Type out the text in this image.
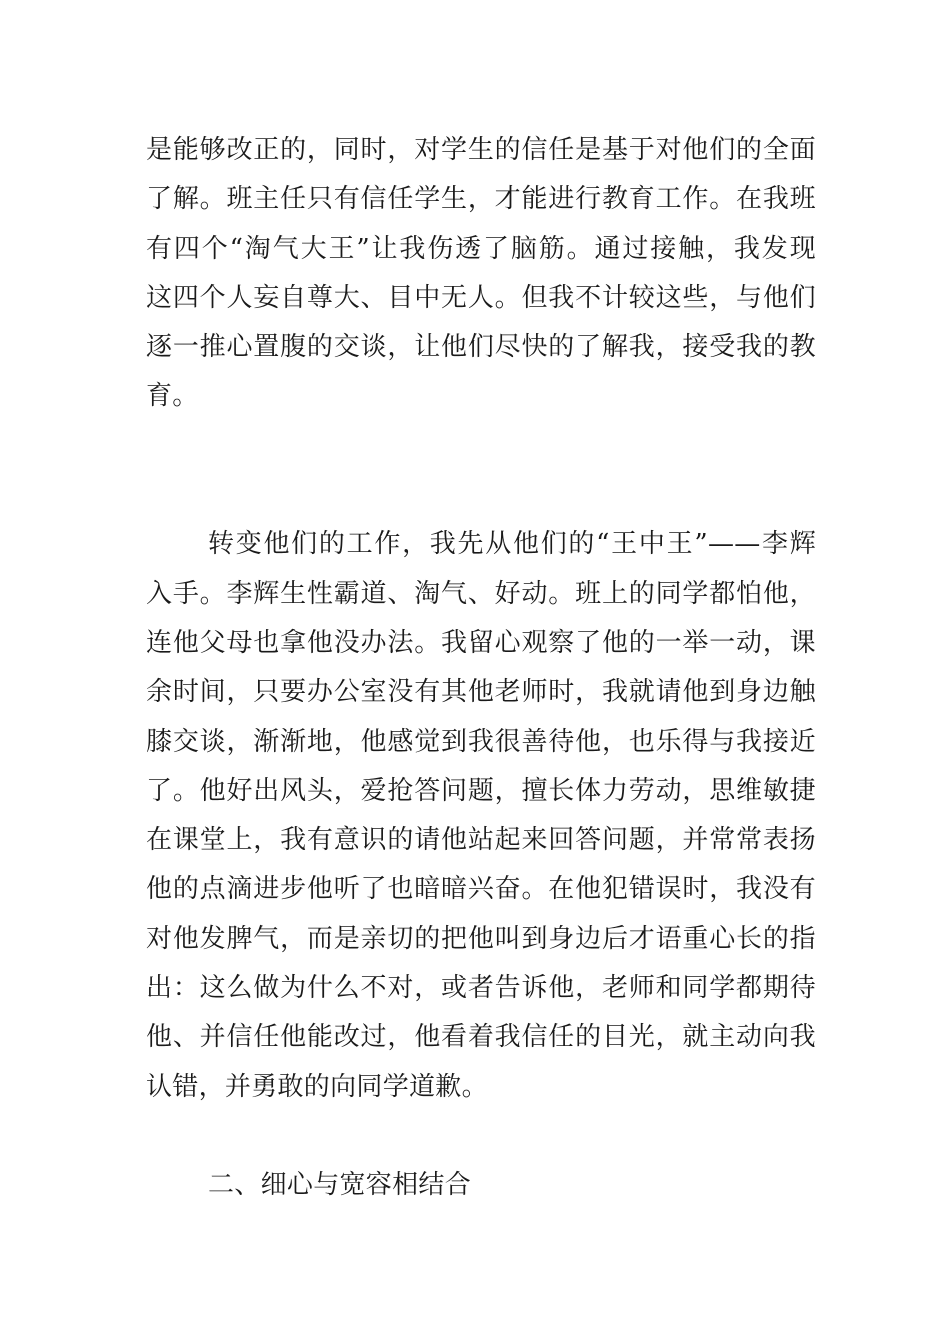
是能够改正的，同时，对学生的信任是基于对他们的全面
了解。班主任只有信任学生，才能进行教育工作。在我班
有四个“淘气大王”让我伤透了脑筋。通过接触，我发现
这四个人妄自尊大、目中无人。但我不计较这些，与他们
逐一推心置腹的交谈，让他们尽快的了解我，接受我的教
育。
转变他们的工作，我先从他们的“王中王”——李辉
入手。李辉生性霸道、淘气、好动。班上的同学都怕他，
连他父母也拿他没办法。我留心观察了他的一举一动，课
余时间，只要办公室没有其他老师时，我就请他到身边触
膝交谈，渐渐地，他感觉到我很善待他，也乐得与我接近
了。他好出风头，爱抢答问题，擅长体力劳动，思维敏捷
在课堂上，我有意识的请他站起来回答问题，并常常表扬
他的点滴进步他听了也暗暗兴奋。在他犯错误时，我没有
对他发脾气，而是亲切的把他叫到身边后才语重心长的指
出：这么做为什么不对，或者告诉他，老师和同学都期待
他、并信任他能改过，他看着我信任的目光，就主动向我
认错，并勇敢的向同学道歉。
二、细心与宽容相结合
